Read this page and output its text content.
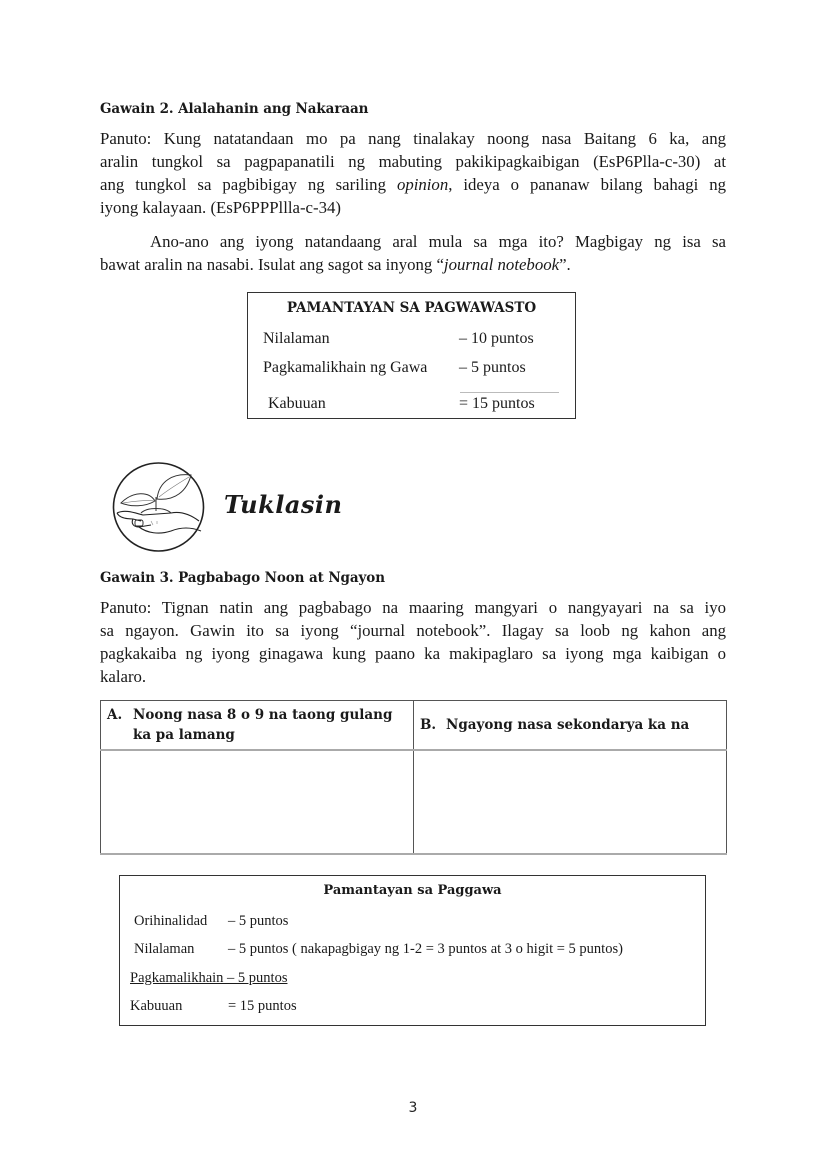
Gawain 2. Alalahanin ang Nakaraan
Panuto: Kung natatandaan mo pa nang tinalakay noong nasa Baitang 6 ka, ang
aralin tungkol sa pagpapanatili ng mabuting pakikipagkaibigan (EsP6Plla-c-30) at
ang tungkol sa pagbibigay ng sariling opinion, ideya o pananaw bilang bahagi ng
iyong kalayaan. (EsP6PPPllla-c-34)
Ano-ano ang iyong natandaang aral mula sa mga ito? Magbigay ng isa sa
bawat aralin na nasabi. Isulat ang sagot sa inyong “journal notebook”.
PAMANTAYAN SA PAGWAWASTO
Nilalaman	– 10 puntos
Pagkamalikhain ng Gawa – 5 puntos
Kabuuan	= 15 puntos
Tuklasin
Gawain 3. Pagbabago Noon at Ngayon
Panuto: Tignan natin ang pagbabago na maaring mangyari o nangyayari na sa iyo
sa ngayon. Gawin ito sa iyong “journal notebook”. Ilagay sa loob ng kahon ang
pagkakaiba ng iyong ginagawa kung paano ka makipaglaro sa iyong mga kaibigan o
kalaro.
A. Noong nasa 8 o 9 na taong gulang ka pa lamang	B. Ngayong nasa sekondarya ka na

Pamantayan sa Paggawa
Orihinalidad – 5 puntos
Nilalaman – 5 puntos ( nakapagbigay ng 1-2 = 3 puntos at 3 o higit = 5 puntos)
Pagkamalikhain – 5 puntos
Kabuuan	= 15 puntos
3
